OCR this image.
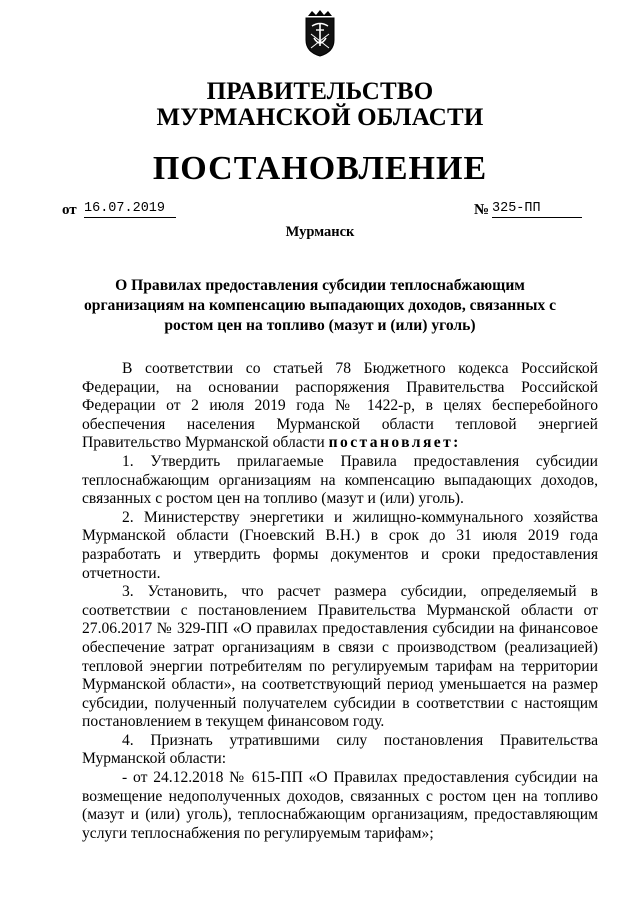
ПРАВИТЕЛЬСТВО
МУРМАНСКОЙ ОБЛАСТИ
ПОСТАНОВЛЕНИЕ
от 16.07.2019	№ 325-ПП
Мурманск
О Правилах предоставления субсидии теплоснабжающим организациям на компенсацию выпадающих доходов, связанных с ростом цен на топливо (мазут и (или) уголь)

В соответствии со статьей 78 Бюджетного кодекса Российской Федерации, на основании распоряжения Правительства Российской Федерации от 2 июля 2019 года № 1422-р, в целях бесперебойного обеспечения населения Мурманской области тепловой энергией Правительство Мурманской области постановляет:

1. Утвердить прилагаемые Правила предоставления субсидии теплоснабжающим организациям на компенсацию выпадающих доходов, связанных с ростом цен на топливо (мазут и (или) уголь).

2. Министерству энергетики и жилищно-коммунального хозяйства Мурманской области (Гноевский В.Н.) в срок до 31 июля 2019 года разработать и утвердить формы документов и сроки предоставления отчетности.

3. Установить, что расчет размера субсидии, определяемый в соответствии с постановлением Правительства Мурманской области от 27.06.2017 № 329-ПП «О правилах предоставления субсидии на финансовое обеспечение затрат организациям в связи с производством (реализацией) тепловой энергии потребителям по регулируемым тарифам на территории Мурманской области», на соответствующий период уменьшается на размер субсидии, полученный получателем субсидии в соответствии с настоящим постановлением в текущем финансовом году.

4. Признать утратившими силу постановления Правительства Мурманской области:

- от 24.12.2018 № 615-ПП «О Правилах предоставления субсидии на возмещение недополученных доходов, связанных с ростом цен на топливо (мазут и (или) уголь), теплоснабжающим организациям, предоставляющим услуги теплоснабжения по регулируемым тарифам»;
